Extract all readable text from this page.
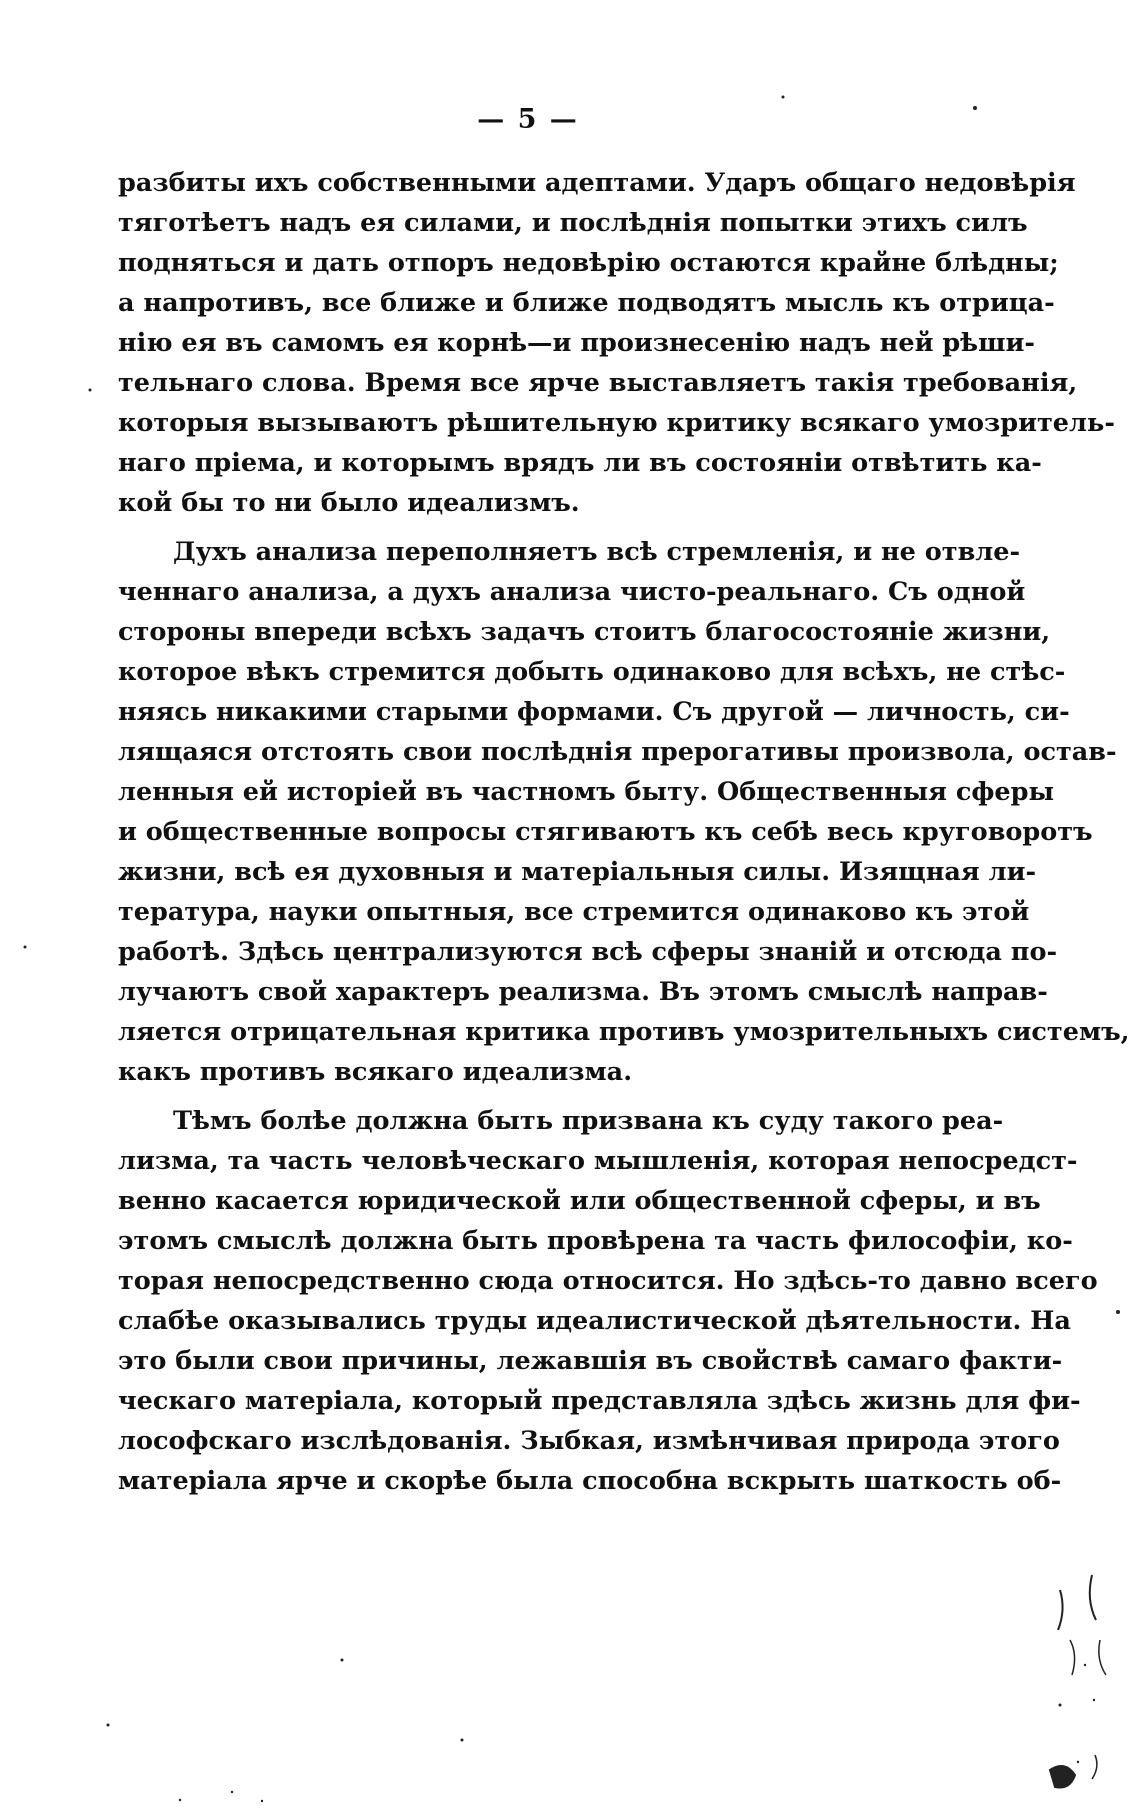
— 5 —
разбиты ихъ собственными адептами. Ударъ общаго недовѣрія
тяготѣетъ надъ ея силами, и послѣднія попытки этихъ силъ
подняться и дать отпоръ недовѣрію остаются крайне блѣдны;
а напротивъ, все ближе и ближе подводятъ мысль къ отрица-
нію ея въ самомъ ея корнѣ—и произнесенію надъ ней рѣши-
тельнаго слова. Время все ярче выставляетъ такія требованія,
которыя вызываютъ рѣшительную критику всякаго умозритель-
наго пріема, и которымъ врядъ ли въ состояніи отвѣтить ка-
кой бы то ни было идеализмъ.
Духъ анализа переполняетъ всѣ стремленія, и не отвле-
ченнаго анализа, а духъ анализа чисто-реальнаго. Съ одной
стороны впереди всѣхъ задачъ стоитъ благосостояніе жизни,
которое вѣкъ стремится добыть одинаково для всѣхъ, не стѣс-
няясь никакими старыми формами. Съ другой — личность, си-
лящаяся отстоять свои послѣднія прерогативы произвола, остав-
ленныя ей исторіей въ частномъ быту. Общественныя сферы
и общественные вопросы стягиваютъ къ себѣ весь круговоротъ
жизни, всѣ ея духовныя и матеріальныя силы. Изящная ли-
тература, науки опытныя, все стремится одинаково къ этой
работѣ. Здѣсь централизуются всѣ сферы знаній и отсюда по-
лучаютъ свой характеръ реализма. Въ этомъ смыслѣ направ-
ляется отрицательная критика противъ умозрительныхъ системъ,
какъ противъ всякаго идеализма.
Тѣмъ болѣе должна быть призвана къ суду такого реа-
лизма, та часть человѣческаго мышленія, которая непосредст-
венно касается юридической или общественной сферы, и въ
этомъ смыслѣ должна быть провѣрена та часть философіи, ко-
торая непосредственно сюда относится. Но здѣсь-то давно всего
слабѣе оказывались труды идеалистической дѣятельности. На
это были свои причины, лежавшія въ свойствѣ самаго факти-
ческаго матеріала, который представляла здѣсь жизнь для фи-
лософскаго изслѣдованія. Зыбкая, измѣнчивая природа этого
матеріала ярче и скорѣе была способна вскрыть шаткость об-
